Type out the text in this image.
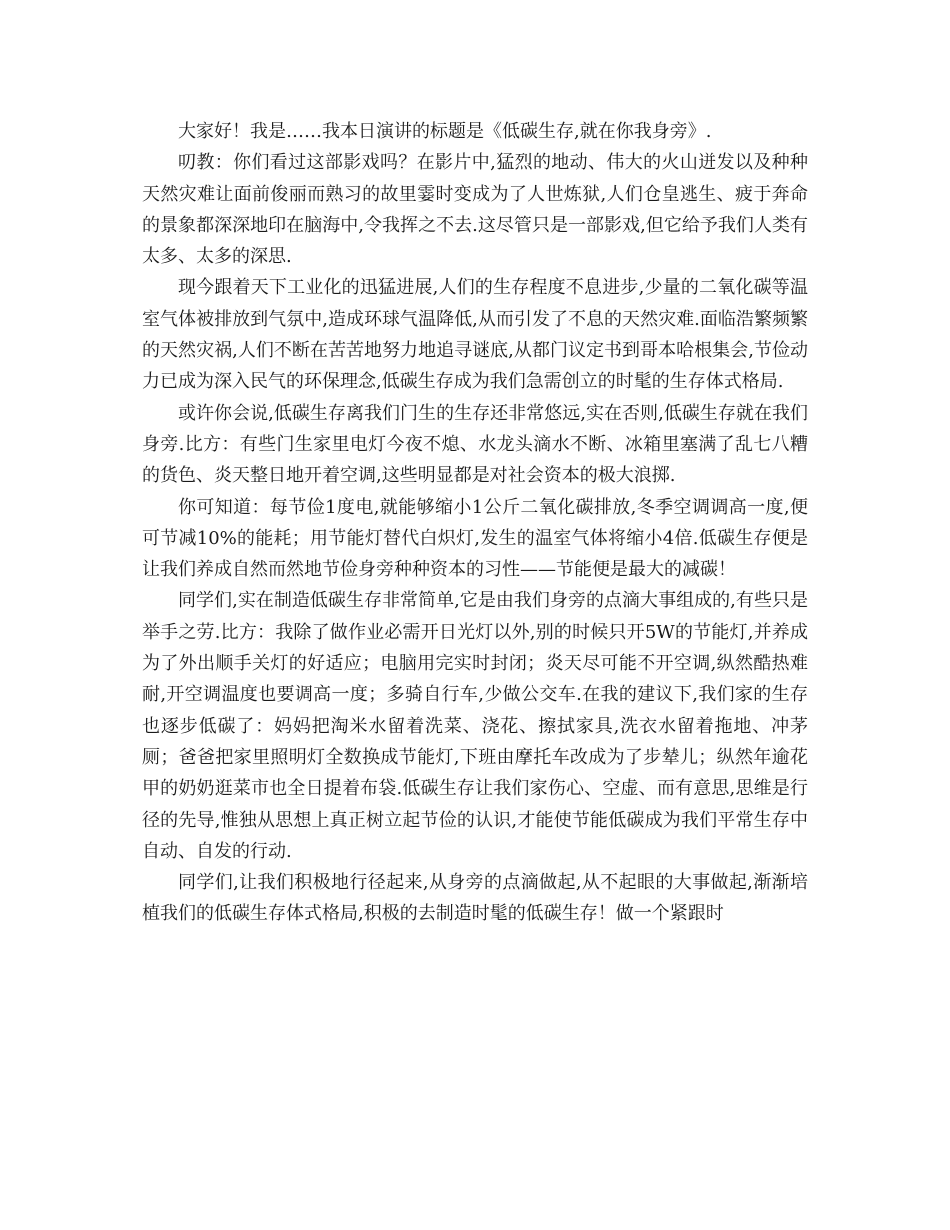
大家好！我是……我本日演讲的标题是《低碳生存,就在你我身旁》.

叨教：你们看过这部影戏吗？在影片中,猛烈的地动、伟大的火山迸发以及种种天然灾难让面前俊丽而熟习的故里霎时变成为了人世炼狱,人们仓皇逃生、疲于奔命的景象都深深地印在脑海中,令我挥之不去.这尽管只是一部影戏,但它给予我们人类有太多、太多的深思.

现今跟着天下工业化的迅猛进展,人们的生存程度不息进步,少量的二氧化碳等温室气体被排放到气氛中,造成环球气温降低,从而引发了不息的天然灾难.面临浩繁频繁的天然灾祸,人们不断在苦苦地努力地追寻谜底,从都门议定书到哥本哈根集会,节俭动力已成为深入民气的环保理念,低碳生存成为我们急需创立的时髦的生存体式格局.

或许你会说,低碳生存离我们门生的生存还非常悠远,实在否则,低碳生存就在我们身旁.比方：有些门生家里电灯今夜不熄、水龙头滴水不断、冰箱里塞满了乱七八糟的货色、炎天整日地开着空调,这些明显都是对社会资本的极大浪掷.

你可知道：每节俭1度电,就能够缩小1公斤二氧化碳排放,冬季空调调高一度,便可节减10%的能耗；用节能灯替代白炽灯,发生的温室气体将缩小4倍.低碳生存便是让我们养成自然而然地节俭身旁种种资本的习性——节能便是最大的减碳！

同学们,实在制造低碳生存非常简单,它是由我们身旁的点滴大事组成的,有些只是举手之劳.比方：我除了做作业必需开日光灯以外,别的时候只开5W的节能灯,并养成为了外出顺手关灯的好适应；电脑用完实时封闭；炎天尽可能不开空调,纵然酷热难耐,开空调温度也要调高一度；多骑自行车,少做公交车.在我的建议下,我们家的生存也逐步低碳了：妈妈把淘米水留着洗菜、浇花、擦拭家具,洗衣水留着拖地、冲茅厕；爸爸把家里照明灯全数换成节能灯,下班由摩托车改成为了步辇儿；纵然年逾花甲的奶奶逛菜市也全日提着布袋.低碳生存让我们家伤心、空虚、而有意思,思维是行径的先导,惟独从思想上真正树立起节俭的认识,才能使节能低碳成为我们平常生存中自动、自发的行动.

同学们,让我们积极地行径起来,从身旁的点滴做起,从不起眼的大事做起,渐渐培植我们的低碳生存体式格局,积极的去制造时髦的低碳生存！做一个紧跟时
